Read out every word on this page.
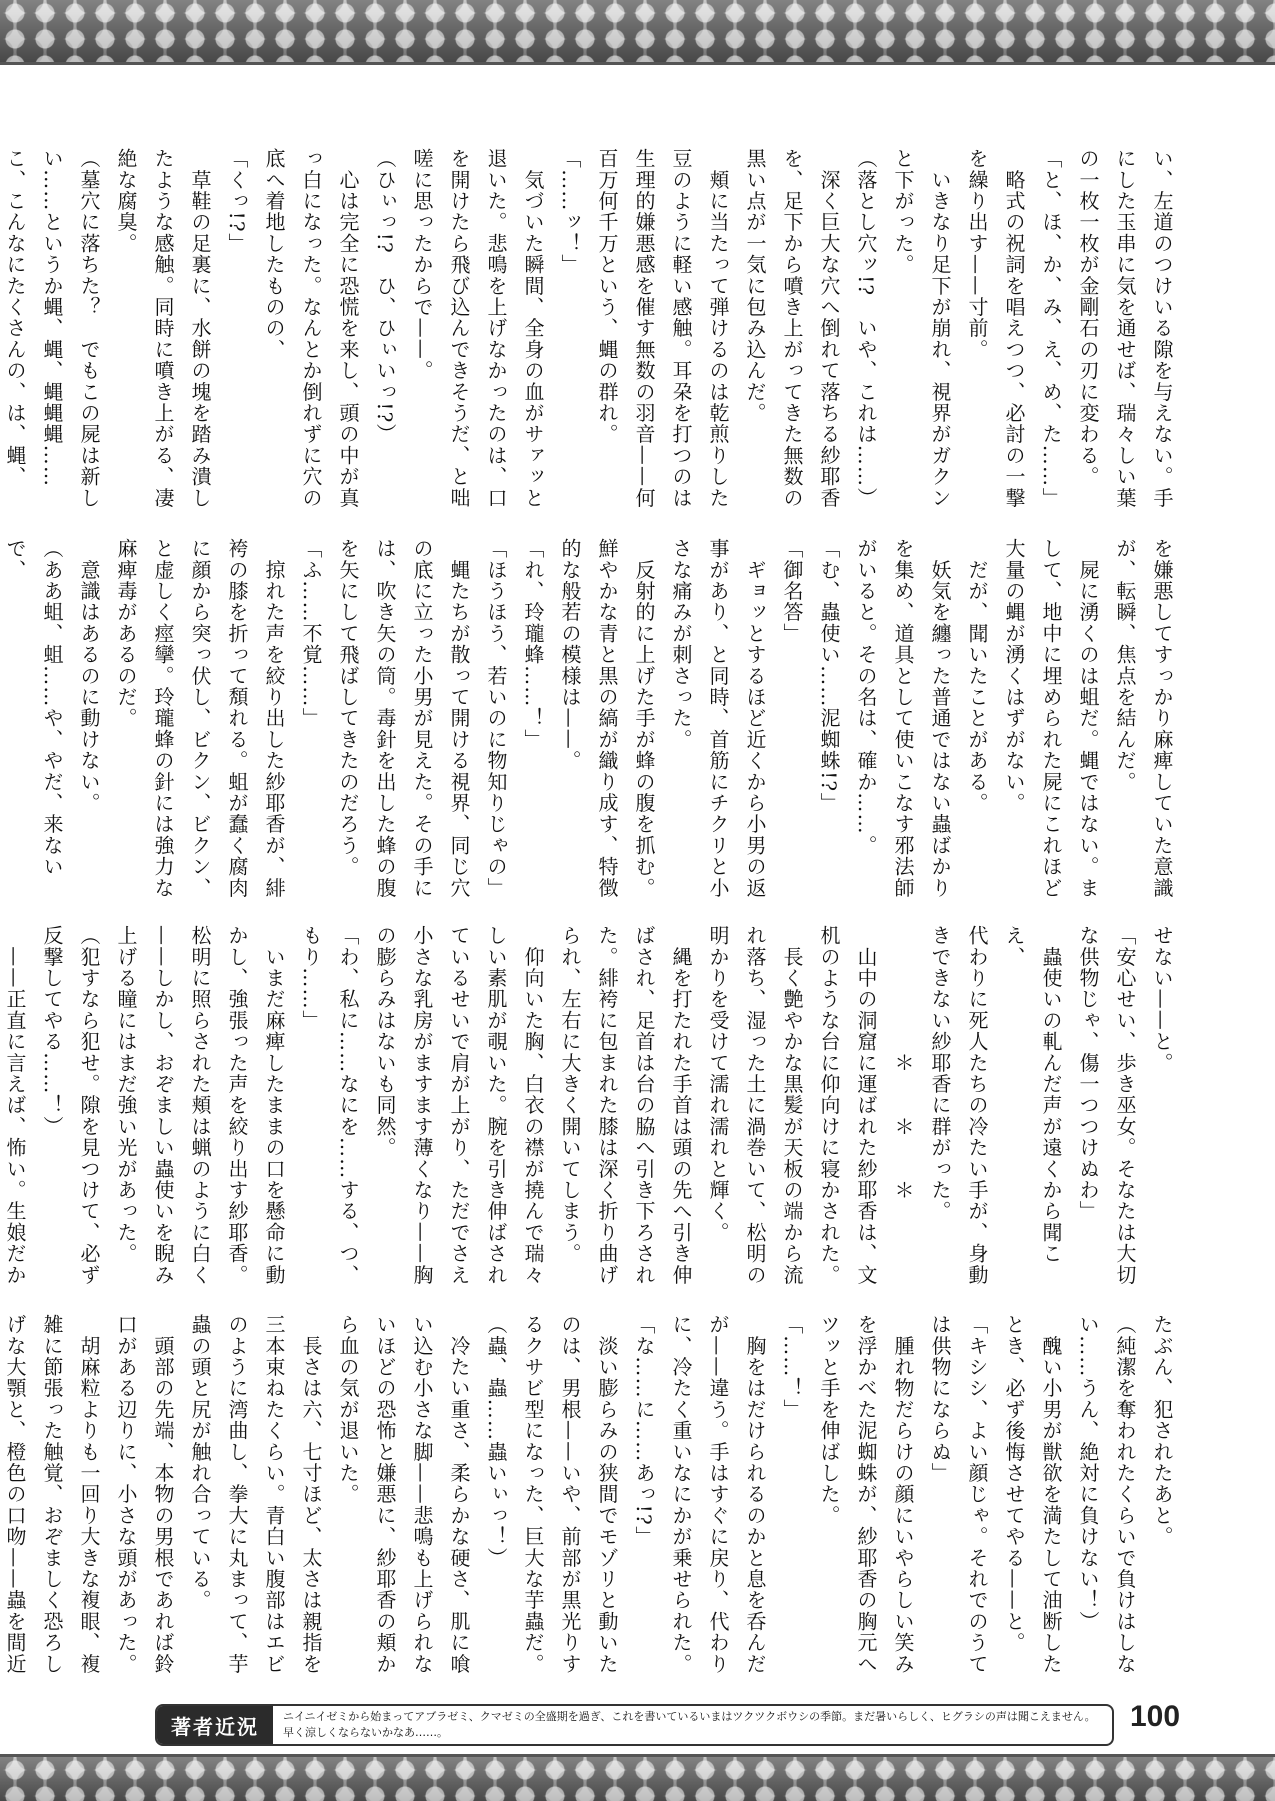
い、左道のつけいる隙を与えない。手

にした玉串に気を通せば、瑞々しい葉

の一枚一枚が金剛石の刃に変わる。

「と、ほ、か、み、え、め、た……」

　略式の祝詞を唱えつつ、必討の一撃

を繰り出す——寸前。

　いきなり足下が崩れ、視界がガクン

と下がった。

（落とし穴ッ!?　いや、これは……）

　深く巨大な穴へ倒れて落ちる紗耶香

を、足下から噴き上がってきた無数の

黒い点が一気に包み込んだ。

　頬に当たって弾けるのは乾煎りした

豆のように軽い感触。耳朶を打つのは

生理的嫌悪感を催す無数の羽音——何

百万何千万という、蝿の群れ。

「……ッ！」

　気づいた瞬間、全身の血がサァッと

退いた。悲鳴を上げなかったのは、口

を開けたら飛び込んできそうだ、と咄

嗟に思ったからで——。

（ひぃっ!?　ひ、ひぃいっ!?）

　心は完全に恐慌を来し、頭の中が真

っ白になった。なんとか倒れずに穴の

底へ着地したものの、

「くっ!?」

　草鞋の足裏に、水餅の塊を踏み潰し

たような感触。同時に噴き上がる、凄

絶な腐臭。

（墓穴に落ちた？　でもこの屍は新し

い……というか蝿、蝿、蝿蝿蝿……

こ、こんなにたくさんの、は、蝿、

を嫌悪してすっかり麻痺していた意識

が、転瞬、焦点を結んだ。

　屍に湧くのは蛆だ。蝿ではない。ま

して、地中に埋められた屍にこれほど

大量の蝿が湧くはずがない。

　だが、聞いたことがある。

　妖気を纏った普通ではない蟲ばかり

を集め、道具として使いこなす邪法師

がいると。その名は、確か……。

「む、蟲使い……泥蜘蛛!?」

「御名答」

　ギョッとするほど近くから小男の返

事があり、と同時、首筋にチクリと小

さな痛みが刺さった。

　反射的に上げた手が蜂の腹を抓む。

鮮やかな青と黒の縞が織り成す、特徴

的な般若の模様は——。

「れ、玲瓏蜂……！」

「ほうほう、若いのに物知りじゃの」

　蝿たちが散って開ける視界、同じ穴

の底に立った小男が見えた。その手に

は、吹き矢の筒。毒針を出した蜂の腹

を矢にして飛ばしてきたのだろう。

「ふ……不覚……」

　掠れた声を絞り出した紗耶香が、緋

袴の膝を折って頽れる。蛆が蠢く腐肉

に顔から突っ伏し、ビクン、ビクン、

と虚しく痙攣。玲瓏蜂の針には強力な

麻痺毒があるのだ。

　意識はあるのに動けない。

（ああ蛆、蛆……や、やだ、来ないで、

せない——と。

「安心せい、歩き巫女。そなたは大切

な供物じゃ、傷一つつけぬわ」

　蟲使いの軋んだ声が遠くから聞こえ、

代わりに死人たちの冷たい手が、身動

きできない紗耶香に群がった。

　　　　　　＊　　＊　　＊

　山中の洞窟に運ばれた紗耶香は、文

机のような台に仰向けに寝かされた。

　長く艶やかな黒髪が天板の端から流

れ落ち、湿った土に渦巻いて、松明の

明かりを受けて濡れ濡れと輝く。

　縄を打たれた手首は頭の先へ引き伸

ばされ、足首は台の脇へ引き下ろされ

た。緋袴に包まれた膝は深く折り曲げ

られ、左右に大きく開いてしまう。

　仰向いた胸、白衣の襟が撓んで瑞々

しい素肌が覗いた。腕を引き伸ばされ

ているせいで肩が上がり、ただでさえ

小さな乳房がますます薄くなり——胸

の膨らみはないも同然。

「わ、私に……なにを……する、つ、

もり……」

　いまだ麻痺したままの口を懸命に動

かし、強張った声を絞り出す紗耶香。

松明に照らされた頬は蝋のように白く

——しかし、おぞましい蟲使いを睨み

上げる瞳にはまだ強い光があった。

（犯すなら犯せ。隙を見つけて、必ず

反撃してやる……！）

　——正直に言えば、怖い。生娘だか

たぶん、犯されたあと。

（純潔を奪われたくらいで負けはしな

い……うん、絶対に負けない！）

　醜い小男が獣欲を満たして油断した

とき、必ず後悔させてやる——と。

「キシシ、よい顔じゃ。それでのうて

は供物にならぬ」

　腫れ物だらけの顔にいやらしい笑み

を浮かべた泥蜘蛛が、紗耶香の胸元へ

ツッと手を伸ばした。

「……！」

　胸をはだけられるのかと息を呑んだ

が——違う。手はすぐに戻り、代わり

に、冷たく重いなにかが乗せられた。

「な……に……あっ!?」

　淡い膨らみの狭間でモゾリと動いた

のは、男根——いや、前部が黒光りす

るクサビ型になった、巨大な芋蟲だ。

（蟲、蟲……蟲いぃっ！）

　冷たい重さ、柔らかな硬さ、肌に喰

い込む小さな脚——悲鳴も上げられな

いほどの恐怖と嫌悪に、紗耶香の頬か

ら血の気が退いた。

　長さは六、七寸ほど、太さは親指を

三本束ねたくらい。青白い腹部はエビ

のように湾曲し、拳大に丸まって、芋

蟲の頭と尻が触れ合っている。

　頭部の先端、本物の男根であれば鈴

口がある辺りに、小さな頭があった。

　胡麻粒よりも一回り大きな複眼、複

雑に節張った触覚、おぞましく恐ろし

げな大顎と、橙色の口吻——蟲を間近

著者近況	ニイニイゼミから始まってアブラゼミ、クマゼミの全盛期を過ぎ、これを書いているいまはツクツクボウシの季節。まだ暑いらしく、ヒグラシの声は聞こえません。早く涼しくならないかなあ……。	100
